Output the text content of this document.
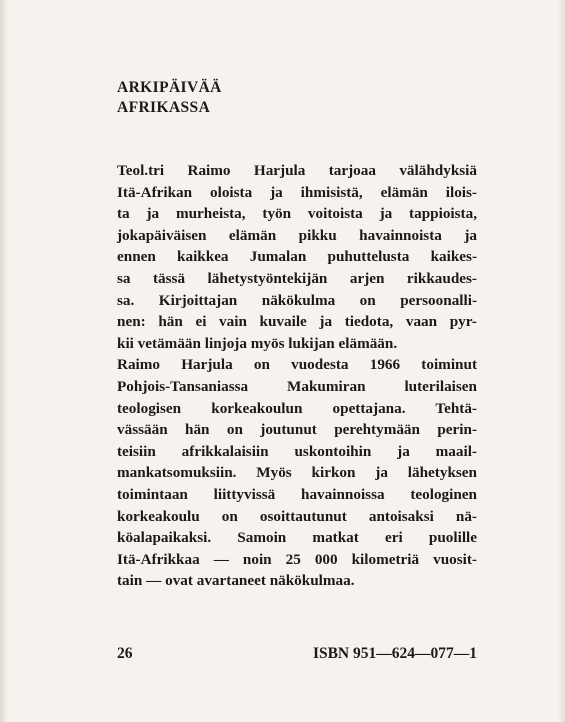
ARKIPÄIVÄÄ
AFRIKASSA
Teol.tri Raimo Harjula tarjoaa välähdyksiä
Itä-Afrikan oloista ja ihmisistä, elämän ilois-
ta ja murheista, työn voitoista ja tappioista,
jokapäiväisen elämän pikku havainnoista ja
ennen kaikkea Jumalan puhuttelusta kaikes-
sa tässä lähetystyöntekijän arjen rikkaudes-
sa. Kirjoittajan näkökulma on persoonalli-
nen: hän ei vain kuvaile ja tiedota, vaan pyr-
kii vetämään linjoja myös lukijan elämään.
Raimo Harjula on vuodesta 1966 toiminut
Pohjois-Tansaniassa Makumiran luterilaisen
teologisen korkeakoulun opettajana. Tehtä-
vässään hän on joutunut perehtymään perin-
teisiin afrikkalaisiin uskontoihin ja maail-
mankatsomuksiin. Myös kirkon ja lähetyksen
toimintaan liittyvissä havainnoissa teologinen
korkeakoulu on osoittautunut antoisaksi nä-
köalapaikaksi. Samoin matkat eri puolille
Itä-Afrikkaa — noin 25 000 kilometriä vuosit-
tain — ovat avartaneet näkökulmaa.
26	ISBN 951—624—077—1
